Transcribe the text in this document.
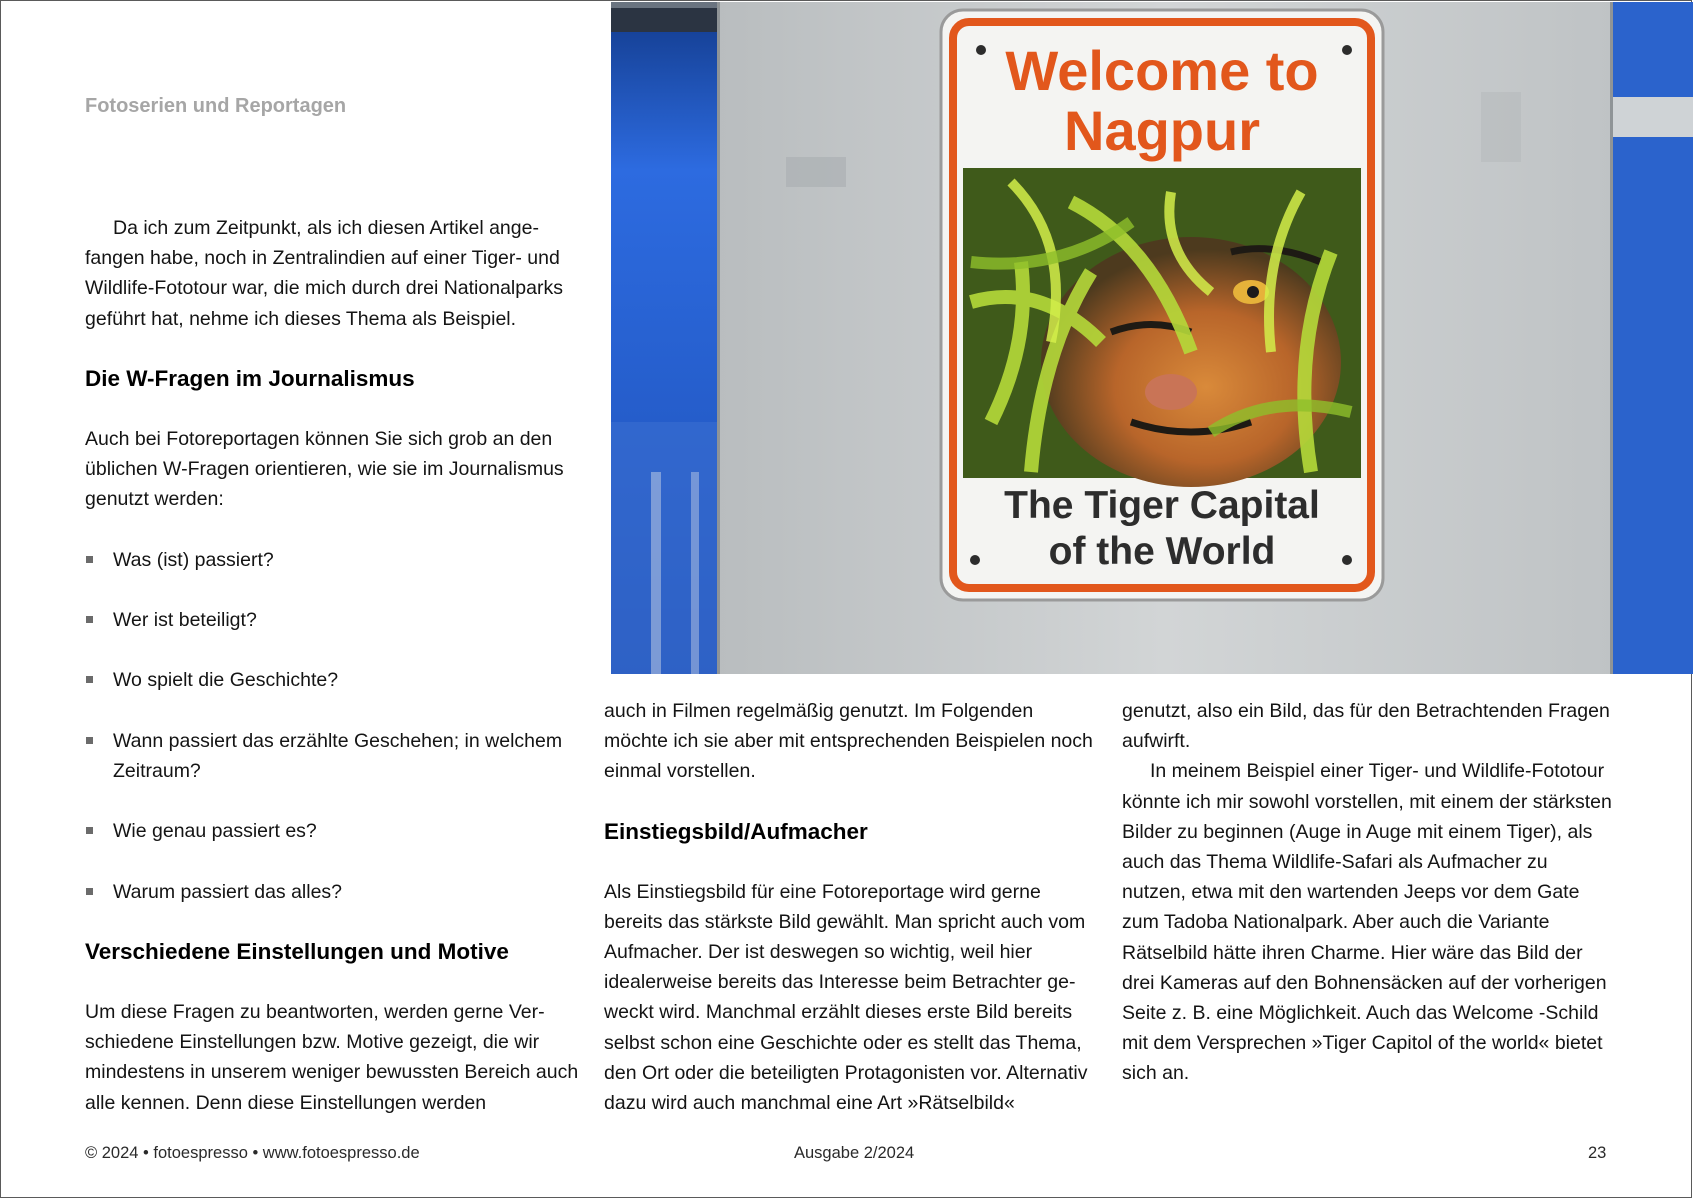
Fotoserien und Reportagen

Da ich zum Zeitpunkt, als ich diesen Artikel angefangen habe, noch in Zentralindien auf einer Tiger- und Wildlife-Fototour war, die mich durch drei Nationalparks geführt hat, nehme ich dieses Thema als Beispiel.

Die W-Fragen im Journalismus

Auch bei Fotoreportagen können Sie sich grob an den üblichen W-Fragen orientieren, wie sie im Journalismus genutzt werden:

Was (ist) passiert?
Wer ist beteiligt?
Wo spielt die Geschichte?
Wann passiert das erzählte Geschehen; in welchem Zeitraum?
Wie genau passiert es?
Warum passiert das alles?
Verschiedene Einstellungen und Motive

Um diese Fragen zu beantworten, werden gerne Verschiedene Einstellungen bzw. Motive gezeigt, die wir mindestens in unserem weniger bewussten Bereich auch alle kennen. Denn diese Einstellungen werden

auch in Filmen regelmäßig genutzt. Im Folgenden möchte ich sie aber mit entsprechenden Beispielen noch einmal vorstellen.

Einstiegsbild/Aufmacher

Als Einstiegsbild für eine Fotoreportage wird gerne bereits das stärkste Bild gewählt. Man spricht auch vom Aufmacher. Der ist deswegen so wichtig, weil hier idealerweise bereits das Interesse beim Betrachter geweckt wird. Manchmal erzählt dieses erste Bild bereits selbst schon eine Geschichte oder es stellt das Thema, den Ort oder die beteiligten Protagonisten vor. Alternativ dazu wird auch manchmal eine Art »Rätselbild«

genutzt, also ein Bild, das für den Betrachtenden Fragen aufwirft.

In meinem Beispiel einer Tiger- und Wildlife-Fototour könnte ich mir sowohl vorstellen, mit einem der stärksten Bilder zu beginnen (Auge in Auge mit einem Tiger), als auch das Thema Wildlife-Safari als Aufmacher zu nutzen, etwa mit den wartenden Jeeps vor dem Gate zum Tadoba Nationalpark. Aber auch die Variante Rätselbild hätte ihren Charme. Hier wäre das Bild der drei Kameras auf den Bohnensäcken auf der vorherigen Seite z. B. eine Möglichkeit. Auch das Welcome -Schild mit dem Versprechen »Tiger Capitol of the world« bietet sich an.

Welcome to
Nagpur
The Tiger Capital
of the World
© 2024 • fotoespresso • www.fotoespresso.de	Ausgabe 2/2024	23
